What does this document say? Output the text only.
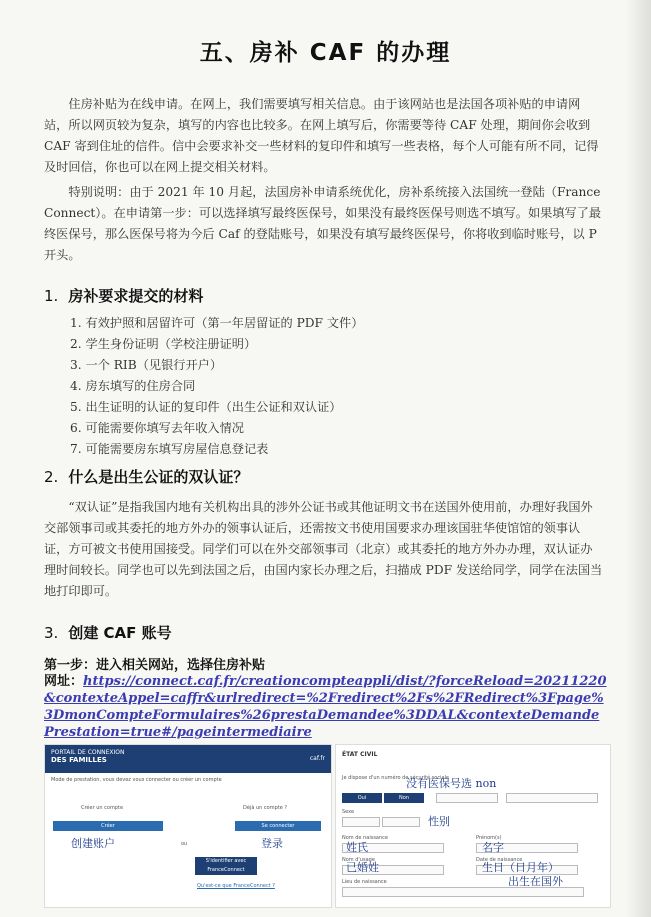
五、房补 CAF 的办理

住房补贴为在线申请。在网上，我们需要填写相关信息。由于该网站也是法国各项补贴的申请网站，所以网页较为复杂，填写的内容也比较多。在网上填写后，你需要等待 CAF 处理，期间你会收到 CAF 寄到住址的信件。信中会要求补交一些材料的复印件和填写一些表格，每个人可能有所不同，记得及时回信，你也可以在网上提交相关材料。

特别说明：由于 2021 年 10 月起，法国房补申请系统优化，房补系统接入法国统一登陆（France Connect）。在申请第一步：可以选择填写最终医保号，如果没有最终医保号则选不填写。如果填写了最终医保号，那么医保号将为今后 Caf 的登陆账号，如果没有填写最终医保号，你将收到临时账号，以 P 开头。

1. 房补要求提交的材料
1. 有效护照和居留许可（第一年居留证的 PDF 文件）
2. 学生身份证明（学校注册证明）
3. 一个 RIB（见银行开户）
4. 房东填写的住房合同
5. 出生证明的认证的复印件（出生公证和双认证）
6. 可能需要你填写去年收入情况
7. 可能需要房东填写房屋信息登记表
2. 什么是出生公证的双认证？

“双认证”是指我国内地有关机构出具的涉外公证书或其他证明文书在送国外使用前，办理好我国外交部领事司或其委托的地方外办的领事认证后，还需按文书使用国要求办理该国驻华使馆馆的领事认证，方可被文书使用国接受。同学们可以在外交部领事司（北京）或其委托的地方外办办理，双认证办理时间较长。同学也可以先到法国之后，由国内家长办理之后，扫描成 PDF 发送给同学，同学在法国当地打印即可。

3. 创建 CAF 账号
第一步：进入相关网站，选择住房补贴
网址：https://connect.caf.fr/creationcompteappli/dist/?forceReload=20211220&contexteAppel=caffr&urlredirect=%2Fredirect%2Fs%2FRedirect%3Fpage%3DmonCompteFormulaires%26prestaDemandee%3DDAL&contexteDemandePrestation=true#/pageintermediaire
PORTAIL DE CONNEXION
DES FAMILLES	caf.fr
Mode de prestation, vous devez vous connecter ou créer un compte
Créer un compte
Créer
Déjà un compte ?
Se connecter
ou
创建账户	登录
S'identifier avec FranceConnect
Qu'est-ce que FranceConnect ?
ÉTAT CIVIL
Je dispose d'un numéro de sécurité sociale
没有医保号选 non
Oui	Non
Sexe
性别
Nom de naissance
姓氏
Prénom(s)
名字
Nom d'usage
已婚姓
Date de naissance
生日（日月年）
Lieu de naissance	出生在国外
